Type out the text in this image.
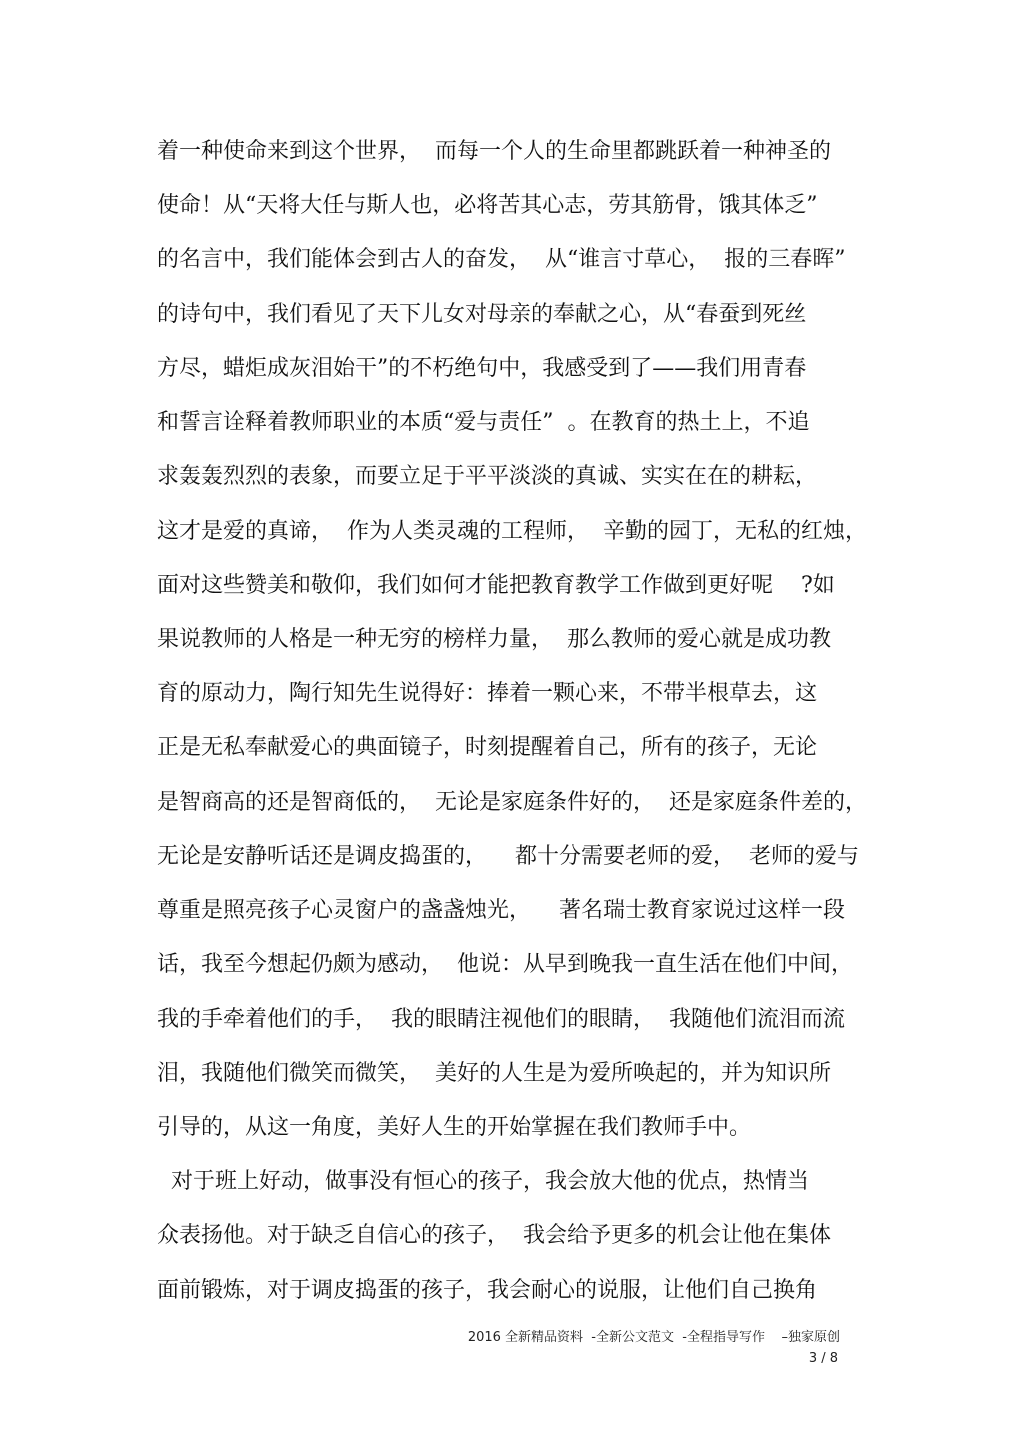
着一种使命来到这个世界，  而每一个人的生命里都跳跃着一种神圣的
使命！从“天将大任与斯人也，必将苦其心志，劳其筋骨，饿其体乏”
的名言中，我们能体会到古人的奋发，  从“谁言寸草心，  报的三春晖”
的诗句中，我们看见了天下儿女对母亲的奉献之心，从“春蚕到死丝
方尽，蜡炬成灰泪始干”的不朽绝句中，我感受到了——我们用青春
和誓言诠释着教师职业的本质“爱与责任”  。在教育的热土上，不追
求轰轰烈烈的表象，而要立足于平平淡淡的真诚、实实在在的耕耘，
这才是爱的真谛，  作为人类灵魂的工程师，  辛勤的园丁，无私的红烛，
面对这些赞美和敬仰，我们如何才能把教育教学工作做到更好呢    ?如
果说教师的人格是一种无穷的榜样力量，  那么教师的爱心就是成功教
育的原动力，陶行知先生说得好：捧着一颗心来，不带半根草去，这
正是无私奉献爱心的典面镜子，时刻提醒着自己，所有的孩子，无论
是智商高的还是智商低的，  无论是家庭条件好的，  还是家庭条件差的，
无论是安静听话还是调皮捣蛋的，    都十分需要老师的爱，  老师的爱与
尊重是照亮孩子心灵窗户的盏盏烛光，    著名瑞士教育家说过这样一段
话，我至今想起仍颇为感动，  他说：从早到晚我一直生活在他们中间，
我的手牵着他们的手，  我的眼睛注视他们的眼睛，  我随他们流泪而流
泪，我随他们微笑而微笑，  美好的人生是为爱所唤起的，并为知识所
引导的，从这一角度，美好人生的开始掌握在我们教师手中。
对于班上好动，做事没有恒心的孩子，我会放大他的优点，热情当
众表扬他。对于缺乏自信心的孩子，  我会给予更多的机会让他在集体
面前锻炼，对于调皮捣蛋的孩子，我会耐心的说服，让他们自己换角
2016 全新精品资料  -全新公文范文  -全程指导写作    –独家原创
3 / 8
